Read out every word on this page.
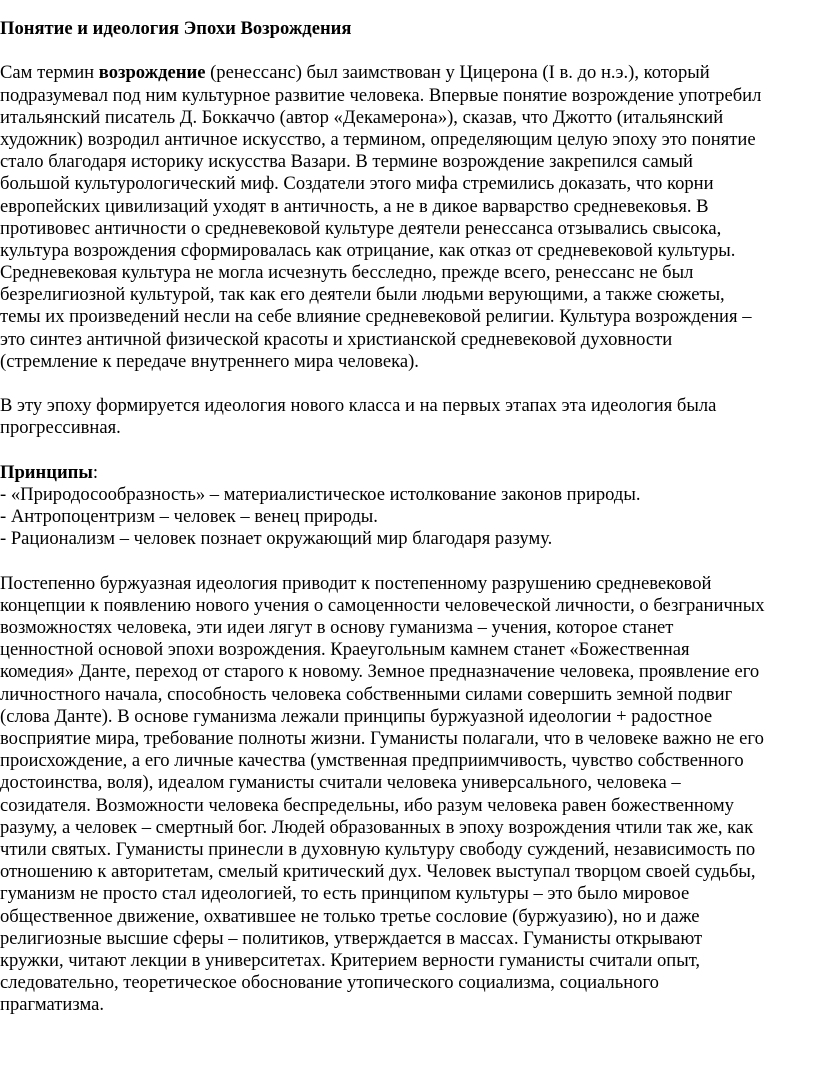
Понятие и идеология Эпохи Возрождения
Сам термин возрождение (ренессанс) был заимствован у Цицерона (I в. до н.э.), который
подразумевал под ним культурное развитие человека. Впервые понятие возрождение употребил
итальянский писатель Д. Боккаччо (автор «Декамерона»), сказав, что Джотто (итальянский
художник) возродил античное искусство, а термином, определяющим целую эпоху это понятие
стало благодаря историку искусства Вазари. В термине возрождение закрепился самый
большой культурологический миф. Создатели этого мифа стремились доказать, что корни
европейских цивилизаций уходят в античность, а не в дикое варварство средневековья. В
противовес античности о средневековой культуре деятели ренессанса отзывались свысока,
культура возрождения сформировалась как отрицание, как отказ от средневековой культуры.
Средневековая культура не могла исчезнуть бесследно, прежде всего, ренессанс не был
безрелигиозной культурой, так как его деятели были людьми верующими, а также сюжеты,
темы их произведений несли на себе влияние средневековой религии. Культура возрождения –
это синтез античной физической красоты и христианской средневековой духовности
(стремление к передаче внутреннего мира человека).
В эту эпоху формируется идеология нового класса и на первых этапах эта идеология была
прогрессивная.
Принципы:
- «Природосообразность» – материалистическое истолкование законов природы.
- Антропоцентризм – человек – венец природы.
- Рационализм – человек познает окружающий мир благодаря разуму.
Постепенно буржуазная идеология приводит к постепенному разрушению средневековой
концепции к появлению нового учения о самоценности человеческой личности, о безграничных
возможностях человека, эти идеи лягут в основу гуманизма – учения, которое станет
ценностной основой эпохи возрождения. Краеугольным камнем станет «Божественная
комедия» Данте, переход от старого к новому. Земное предназначение человека, проявление его
личностного начала, способность человека собственными силами совершить земной подвиг
(слова Данте). В основе гуманизма лежали принципы буржуазной идеологии + радостное
восприятие мира, требование полноты жизни. Гуманисты полагали, что в человеке важно не его
происхождение, а его личные качества (умственная предприимчивость, чувство собственного
достоинства, воля), идеалом гуманисты считали человека универсального, человека –
созидателя. Возможности человека беспредельны, ибо разум человека равен божественному
разуму, а человек – смертный бог. Людей образованных в эпоху возрождения чтили так же, как
чтили святых. Гуманисты принесли в духовную культуру свободу суждений, независимость по
отношению к авторитетам, смелый критический дух. Человек выступал творцом своей судьбы,
гуманизм не просто стал идеологией, то есть принципом культуры – это было мировое
общественное движение, охватившее не только третье сословие (буржуазию), но и даже
религиозные высшие сферы – политиков, утверждается в массах. Гуманисты открывают
кружки, читают лекции в университетах. Критерием верности гуманисты считали опыт,
следовательно, теоретическое обоснование утопического социализма, социального
прагматизма.
